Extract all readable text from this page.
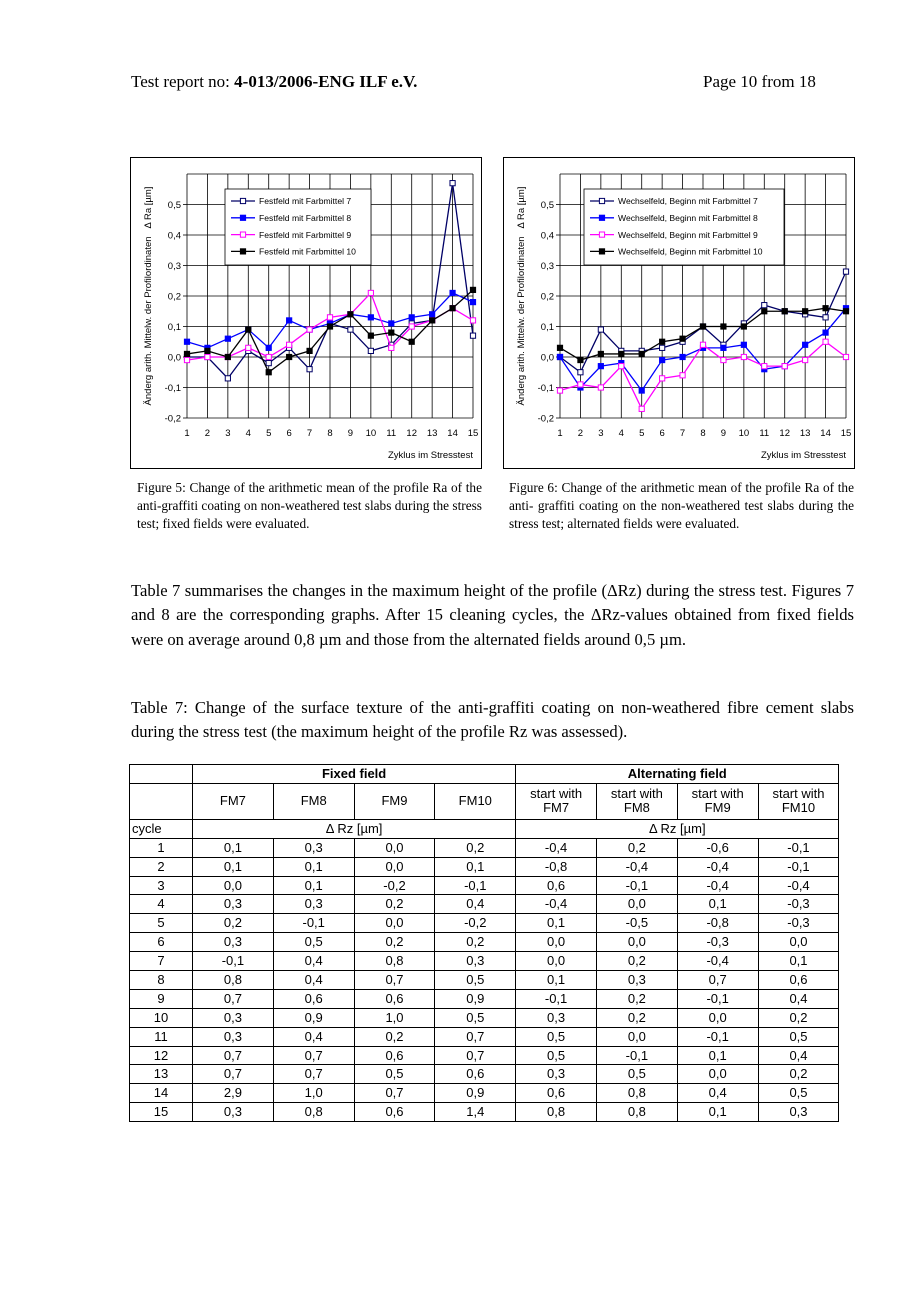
Test report no: 4-013/2006-ENG ILF e.V.	Page 10 from 18
-0,2
-0,1
0,0
0,1
0,2
0,3
0,4
0,5
1 2 3 4 5 6 7 8 9 10 11 12 13 14 15
Zyklus im Stresstest
Änderg arith. Mittelw. der ProfilordinatenΔ Ra [µm]	Festfeld mit Farbmittel 7
Festfeld mit Farbmittel 8
Festfeld mit Farbmittel 9
Festfeld mit Farbmittel 10
-0,2
-0,1
0,0
0,1
0,2
0,3
0,4
0,5
1 2 3 4 5 6 7 8 9 10 11 12 13 14 15
Zyklus im Stresstest
Änderg arith. Mittelw. der ProfilordinatenΔ Ra [µm]	Wechselfeld, Beginn mit Farbmittel 7
Wechselfeld, Beginn mit Farbmittel 8
Wechselfeld, Beginn mit Farbmittel 9
Wechselfeld, Beginn mit Farbmittel 10
Figure 5: Change of the arithmetic mean of the profile Ra of the anti-graffiti coating on non-weathered test slabs during the stress test; fixed fields were evaluated.
Figure 6: Change of the arithmetic mean of the profile Ra of the anti- graffiti coating on the non-weathered test slabs during the stress test; alternated fields were evaluated.
Table 7 summarises the changes in the maximum height of the profile (ΔRz) during the stress test. Figures 7 and 8 are the corresponding graphs. After 15 cleaning cycles, the ΔRz-values obtained from fixed fields were on average around 0,8 µm and those from the alternated fields around 0,5 µm.
Table 7: Change of the surface texture of the anti-graffiti coating on non-weathered fibre cement slabs during the stress test (the maximum height of the profile Rz was assessed).
	Fixed field				Alternating field			
	FM7	FM8	FM9	FM10	start with FM7	start with FM8	start with FM9	start with FM10
cycle	Δ Rz [µm]				Δ Rz [µm]			
1	0,1	0,3	0,0	0,2	-0,4	0,2	-0,6	-0,1
2	0,1	0,1	0,0	0,1	-0,8	-0,4	-0,4	-0,1
3	0,0	0,1	-0,2	-0,1	0,6	-0,1	-0,4	-0,4
4	0,3	0,3	0,2	0,4	-0,4	0,0	0,1	-0,3
5	0,2	-0,1	0,0	-0,2	0,1	-0,5	-0,8	-0,3
6	0,3	0,5	0,2	0,2	0,0	0,0	-0,3	0,0
7	-0,1	0,4	0,8	0,3	0,0	0,2	-0,4	0,1
8	0,8	0,4	0,7	0,5	0,1	0,3	0,7	0,6
9	0,7	0,6	0,6	0,9	-0,1	0,2	-0,1	0,4
10	0,3	0,9	1,0	0,5	0,3	0,2	0,0	0,2
11	0,3	0,4	0,2	0,7	0,5	0,0	-0,1	0,5
12	0,7	0,7	0,6	0,7	0,5	-0,1	0,1	0,4
13	0,7	0,7	0,5	0,6	0,3	0,5	0,0	0,2
14	2,9	1,0	0,7	0,9	0,6	0,8	0,4	0,5
15	0,3	0,8	0,6	1,4	0,8	0,8	0,1	0,3
